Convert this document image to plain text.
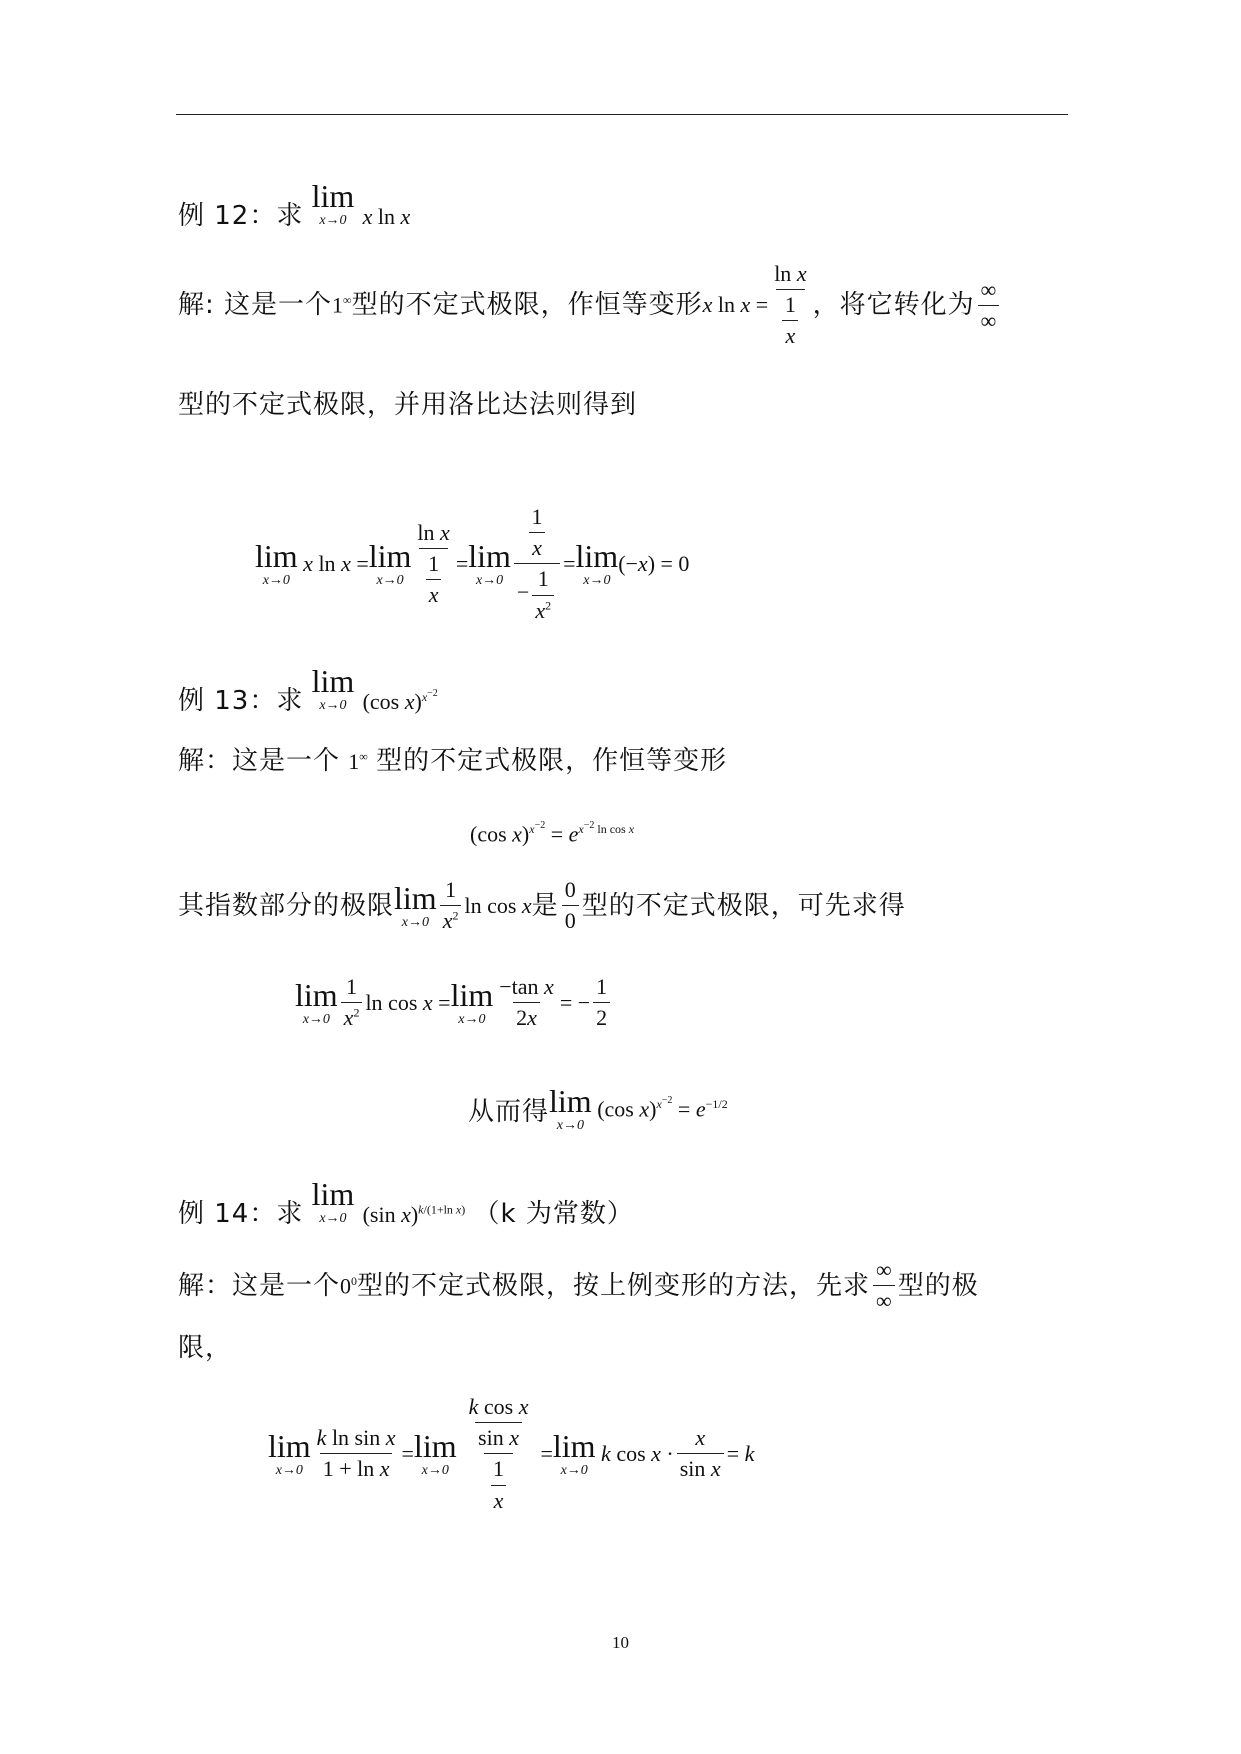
例 12：求
lim
x→0 x ln x
解: 这是一个 1∞ 型的不定式极限，作恒等变形 x $\ln x = \frac{\text{ln x}}{\frac{1}{x}}$ ，将它转化为 $\frac{\infty}{\infty}$
型的不定式极限，并用洛比达法则得到
lim
x→0
x ln x = lim
$x\to 0 \frac{\text{ln x}}{\frac{1}{x}} = \lim$
$x\to 0 \frac{\frac{1}{x}}{- \frac{1}{x^2}} = \lim$
x→0
(−x) = 0
例 13：求
lim
x→0 (cos x)$^{x^{-2}}$
解：这是一个 1∞ 型的不定式极限，作恒等变形
(cos $x)^{x^{-2}} = e^{x^{-2} ln cos x}$
其指数部分的极限 lim
$x\to 0 \frac{1}{x^2}$ ln cos x 是 $\frac{0}{0}$ 型的不定式极限，可先求得
lim
$x\to 0 \frac{1}{x^2}$ ln cos x = lim
$x\to 0 \frac{\text{−tan x}}{2x}$ = − $\frac{1}{2}$
从而得 lim
x→0
(cos $x)^{x^{-2}} = e^{-1/2}$
例 14：求
lim
x→0 (sin x)$^{k/(1+ln x)}$ （k 为常数）
解：这是一个 $0^0$ 型的不定式极限，按上例变形的方法，先求 $\frac{\infty}{\infty}$ 型的极
限，
lim
$x\to 0 \frac{\text{k ln sin x}}{\text{1 + ln x}} = \lim$
$x\to 0 \frac{\frac{\text{k cos x}}{\text{sin x}}}{\frac{1}{x}} = \lim$
x→0
k $\cos x \cdot \frac{x}{\text{sin x}} = k$
10
